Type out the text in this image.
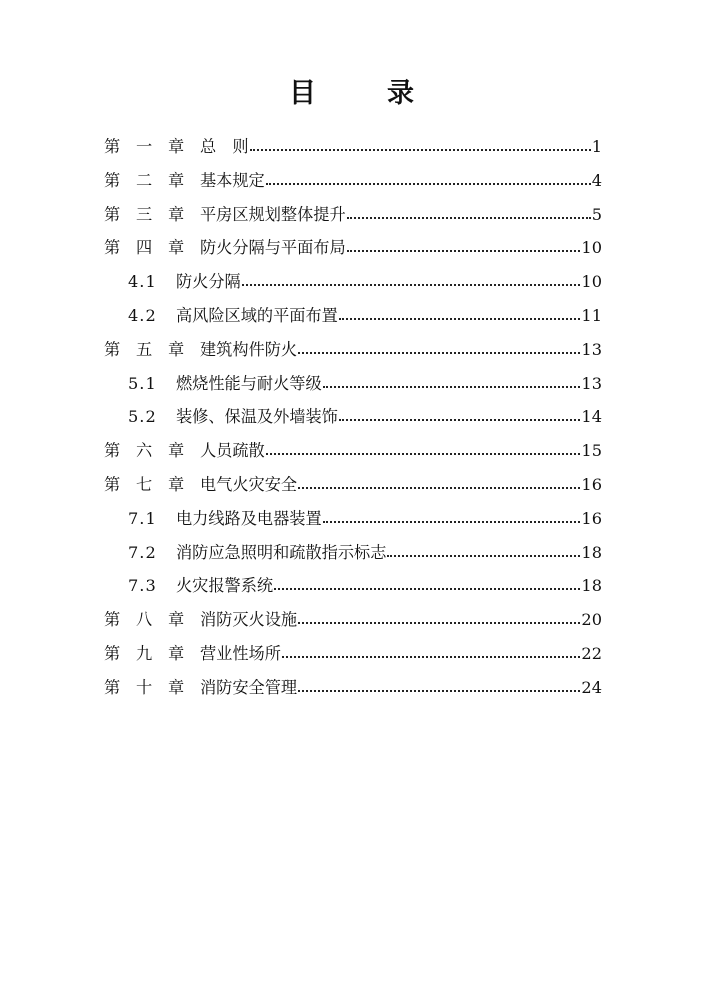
目　录
第 一 章 总　则	1
第 二 章 基本规定	4
第 三 章 平房区规划整体提升	5
第 四 章 防火分隔与平面布局	10
4.1	防火分隔	10
4.2	高风险区域的平面布置	11
第 五 章 建筑构件防火	13
5.1	燃烧性能与耐火等级	13
5.2	装修、保温及外墙装饰	14
第 六 章 人员疏散	15
第 七 章 电气火灾安全	16
7.1	电力线路及电器装置	16
7.2	消防应急照明和疏散指示标志	18
7.3	火灾报警系统	18
第 八 章 消防灭火设施	20
第 九 章 营业性场所	22
第 十 章 消防安全管理	24
